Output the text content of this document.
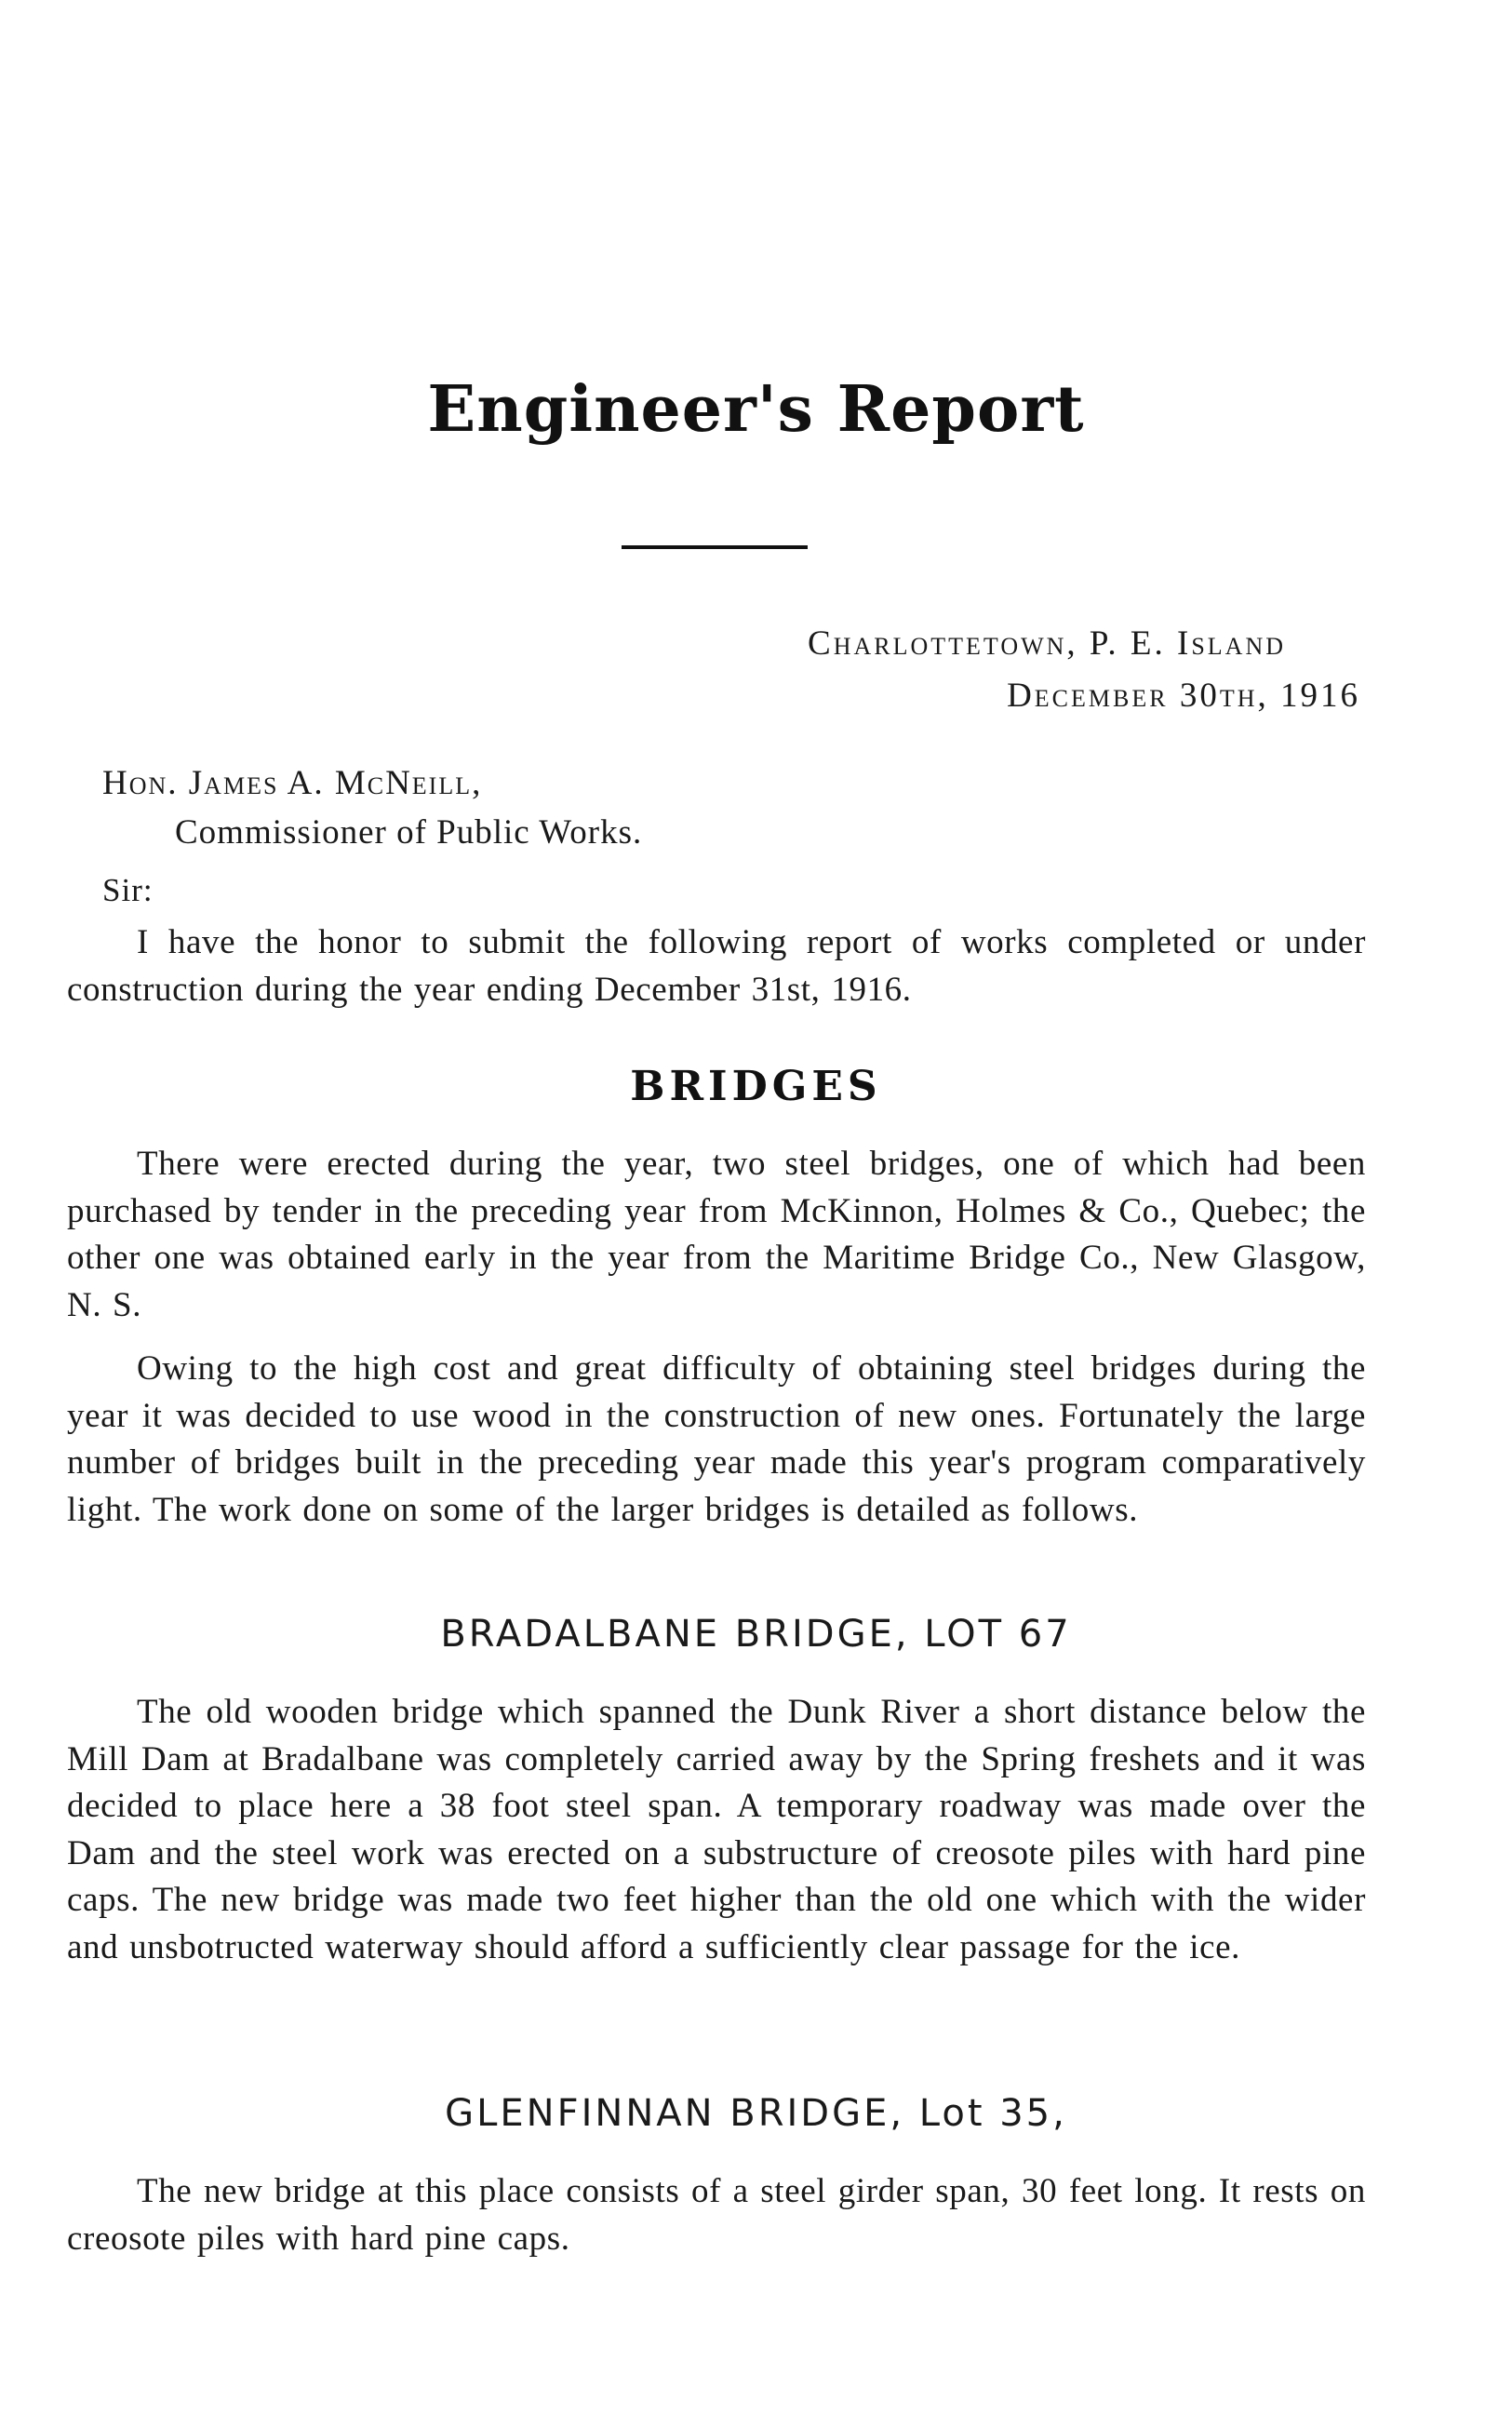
Engineer's Report
Charlottetown, P. E. Island
December 30th, 1916
Hon. James A. McNeill,
Commissioner of Public Works.
Sir:

I have the honor to submit the following report of works completed or under construction during the year ending December 31st, 1916.

BRIDGES

There were erected during the year, two steel bridges, one of which had been purchased by tender in the preceding year from McKinnon, Holmes & Co., Quebec; the other one was obtained early in the year from the Maritime Bridge Co., New Glasgow, N. S.

Owing to the high cost and great difficulty of obtaining steel bridges during the year it was decided to use wood in the construction of new ones. Fortunately the large number of bridges built in the preceding year made this year's program comparatively light. The work done on some of the larger bridges is detailed as follows.

BRADALBANE BRIDGE, LOT 67

The old wooden bridge which spanned the Dunk River a short distance below the Mill Dam at Bradalbane was completely carried away by the Spring freshets and it was decided to place here a 38 foot steel span. A temporary roadway was made over the Dam and the steel work was erected on a substructure of creosote piles with hard pine caps. The new bridge was made two feet higher than the old one which with the wider and unsbotructed waterway should afford a sufficiently clear passage for the ice.

GLENFINNAN BRIDGE, Lot 35,

The new bridge at this place consists of a steel girder span, 30 feet long. It rests on creosote piles with hard pine caps.
